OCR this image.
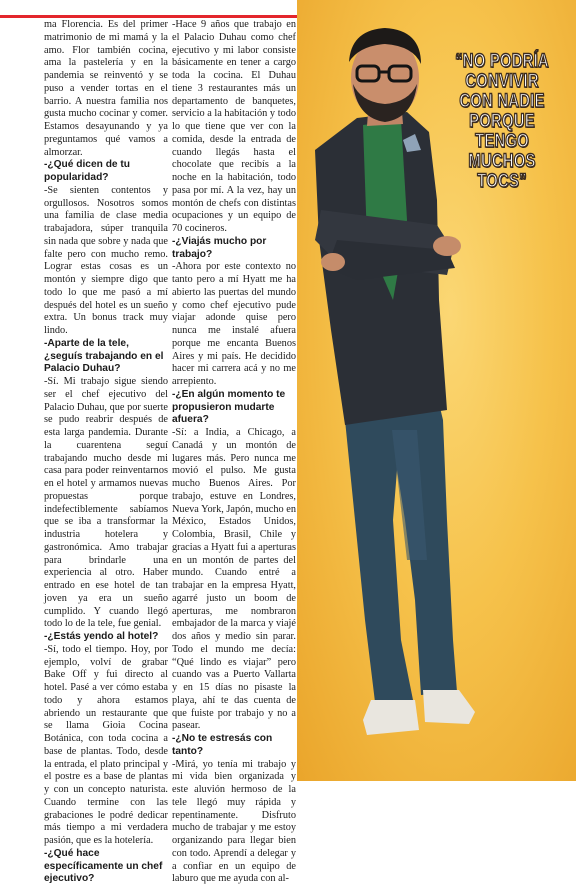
ma Florencia. Es del primer matrimonio de mi mamá y la amo. Flor también cocina, ama la pastelería y en la pandemia se reinventó y se puso a vender tortas en el barrio. A nuestra familia nos gusta mucho cocinar y comer. Estamos desayunando y ya preguntamos qué vamos a almorzar.

-¿Qué dicen de tu popularidad?

-Se sienten contentos y orgullosos. Nosotros somos una familia de clase media trabajadora, súper tranquila sin nada que sobre y nada que falte pero con mucho remo. Lograr estas cosas es un montón y siempre digo que todo lo que me pasó a mí después del hotel es un sueño extra. Un bonus track muy lindo.

-Aparte de la tele, ¿seguís trabajando en el Palacio Duhau?

-Sí. Mi trabajo sigue siendo ser el chef ejecutivo del Palacio Duhau, que por suerte se pudo reabrir después de esta larga pandemia. Durante la cuarentena seguí trabajando mucho desde mi casa para poder reinventarnos en el hotel y armamos nuevas propuestas porque indefectiblemente sabíamos que se iba a transformar la industria hotelera y gastronómica. Amo trabajar para brindarle una experiencia al otro. Haber entrado en ese hotel de tan joven ya era un sueño cumplido. Y cuando llegó todo lo de la tele, fue genial.

-¿Estás yendo al hotel?

-Sí, todo el tiempo. Hoy, por ejemplo, volví de grabar Bake Off y fui directo al hotel. Pasé a ver cómo estaba todo y ahora estamos abriendo un restaurante que se llama Gioia Cocina Botánica, con toda cocina a base de plantas. Todo, desde la entrada, el plato principal y el postre es a base de plantas y con un concepto naturista. Cuando termine con las grabaciones le podré dedicar más tiempo a mi verdadera pasión, que es la hotelería.

-¿Qué hace específicamente un chef ejecutivo?

-Hace 9 años que trabajo en el Palacio Duhau como chef ejecutivo y mi labor consiste básicamente en tener a cargo toda la cocina. El Duhau tiene 3 restaurantes más un departamento de banquetes, servicio a la habitación y todo lo que tiene que ver con la comida, desde la entrada de cuando llegás hasta el chocolate que recibís a la noche en la habitación, todo pasa por mí. A la vez, hay un montón de chefs con distintas ocupaciones y un equipo de 70 cocineros.

-¿Viajás mucho por trabajo?

-Ahora por este contexto no tanto pero a mí Hyatt me ha abierto las puertas del mundo y como chef ejecutivo pude viajar adonde quise pero nunca me instalé afuera porque me encanta Buenos Aires y mi país. He decidido hacer mi carrera acá y no me arrepiento.

-¿En algún momento te propusieron mudarte afuera?

-Sí: a India, a Chicago, a Canadá y un montón de lugares más. Pero nunca me movió el pulso. Me gusta mucho Buenos Aires. Por trabajo, estuve en Londres, Nueva York, Japón, mucho en México, Estados Unidos, Colombia, Brasil, Chile y gracias a Hyatt fui a aperturas en un montón de partes del mundo. Cuando entré a trabajar en la empresa Hyatt, agarré justo un boom de aperturas, me nombraron embajador de la marca y viajé dos años y medio sin parar. Todo el mundo me decía: “Qué lindo es viajar” pero cuando vas a Puerto Vallarta y en 15 días no pisaste la playa, ahí te das cuenta de que fuiste por trabajo y no a pasear.

-¿No te estresás con tanto?

-Mirá, yo tenía mi trabajo y mi vida bien organizada y este aluvión hermoso de la tele llegó muy rápida y repentinamente. Disfruto mucho de trabajar y me estoy organizando para llegar bien con todo. Aprendí a delegar y a confiar en un equipo de laburo que me ayuda con al-

“NO PODRÍA CONVIVIR CON NADIE PORQUE TENGO MUCHOS TOCS”
